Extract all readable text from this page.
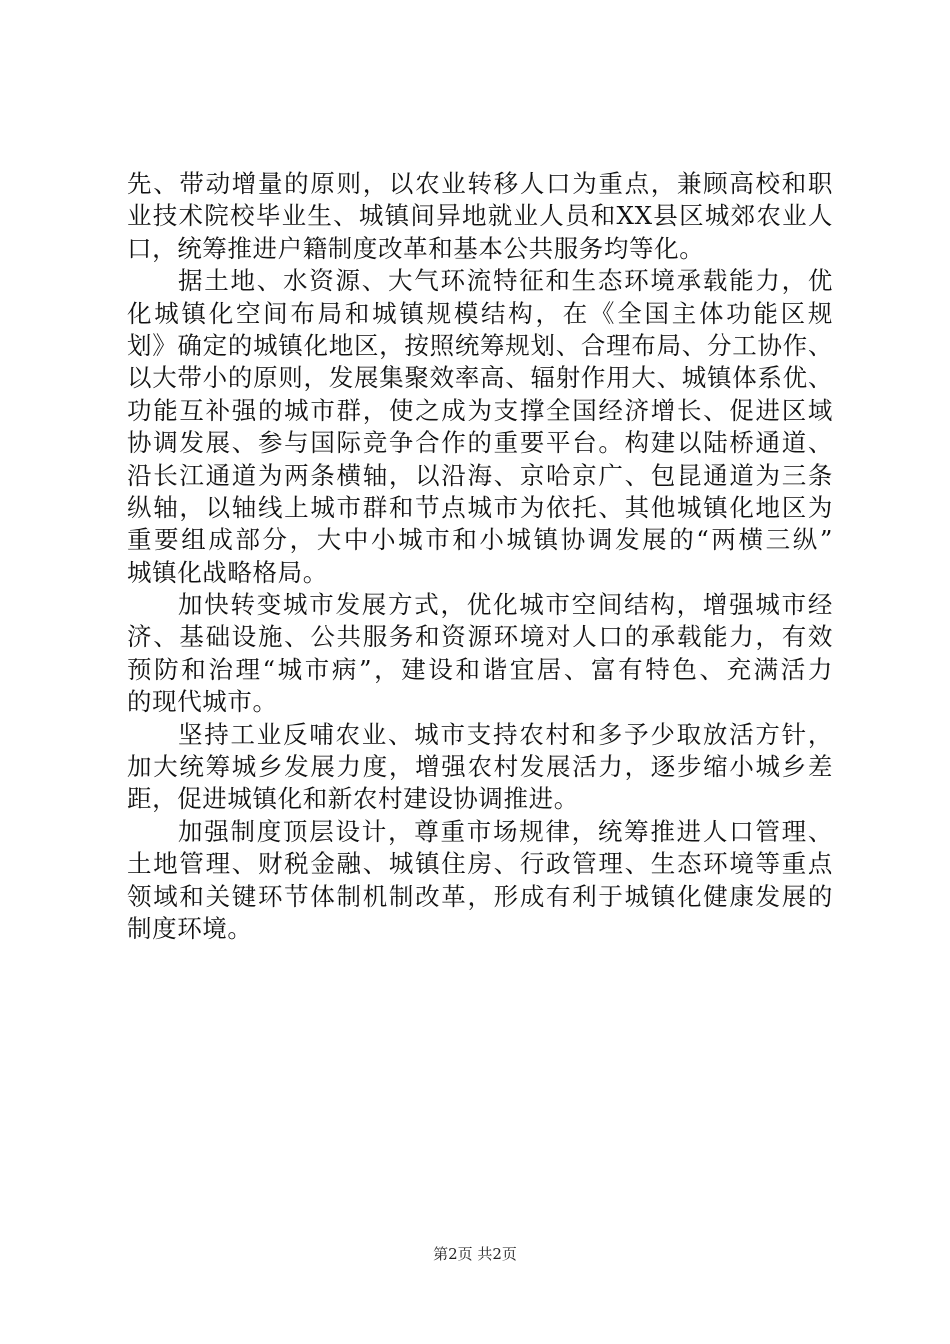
先、带动增量的原则，以农业转移人口为重点，兼顾高校和职
业技术院校毕业生、城镇间异地就业人员和XX县区城郊农业人
口，统筹推进户籍制度改革和基本公共服务均等化。
据土地、水资源、大气环流特征和生态环境承载能力，优
化城镇化空间布局和城镇规模结构，在《全国主体功能区规
划》确定的城镇化地区，按照统筹规划、合理布局、分工协作、
以大带小的原则，发展集聚效率高、辐射作用大、城镇体系优、
功能互补强的城市群，使之成为支撑全国经济增长、促进区域
协调发展、参与国际竞争合作的重要平台。构建以陆桥通道、
沿长江通道为两条横轴，以沿海、京哈京广、包昆通道为三条
纵轴，以轴线上城市群和节点城市为依托、其他城镇化地区为
重要组成部分，大中小城市和小城镇协调发展的“两横三纵”
城镇化战略格局。
加快转变城市发展方式，优化城市空间结构，增强城市经
济、基础设施、公共服务和资源环境对人口的承载能力，有效
预防和治理“城市病”，建设和谐宜居、富有特色、充满活力
的现代城市。
坚持工业反哺农业、城市支持农村和多予少取放活方针，
加大统筹城乡发展力度，增强农村发展活力，逐步缩小城乡差
距，促进城镇化和新农村建设协调推进。
加强制度顶层设计，尊重市场规律，统筹推进人口管理、
土地管理、财税金融、城镇住房、行政管理、生态环境等重点
领域和关键环节体制机制改革，形成有利于城镇化健康发展的
制度环境。
第2页 共2页
